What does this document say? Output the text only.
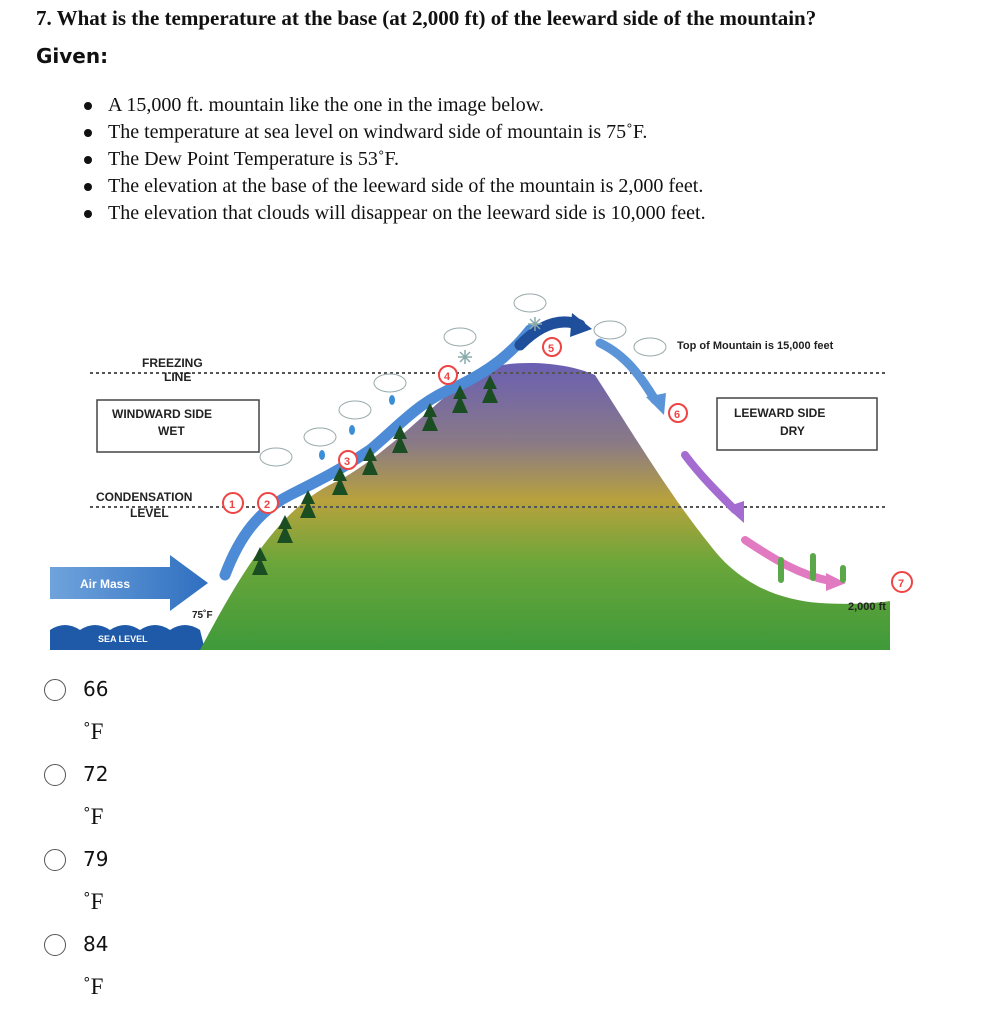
7. What is the temperature at the base (at 2,000 ft) of the leeward side of the mountain?
Given:
A 15,000 ft. mountain like the one in the image below.
The temperature at sea level on windward side of mountain is 75˚F.
The Dew Point Temperature is 53˚F.
The elevation at the base of the leeward side of the mountain is 2,000 feet.
The elevation that clouds will disappear on the leeward side is 10,000 feet.
SEA LEVEL
FREEZING
LINE
WINDWARD SIDE
WET
CONDENSATION
LEVEL
LEEWARD SIDE
DRY
Top of Mountain is 15,000 feet
Air Mass
75˚F
1	2
3
4
5
6
7
2,000 ft
66
˚F
72
˚F
79
˚F
84
˚F
